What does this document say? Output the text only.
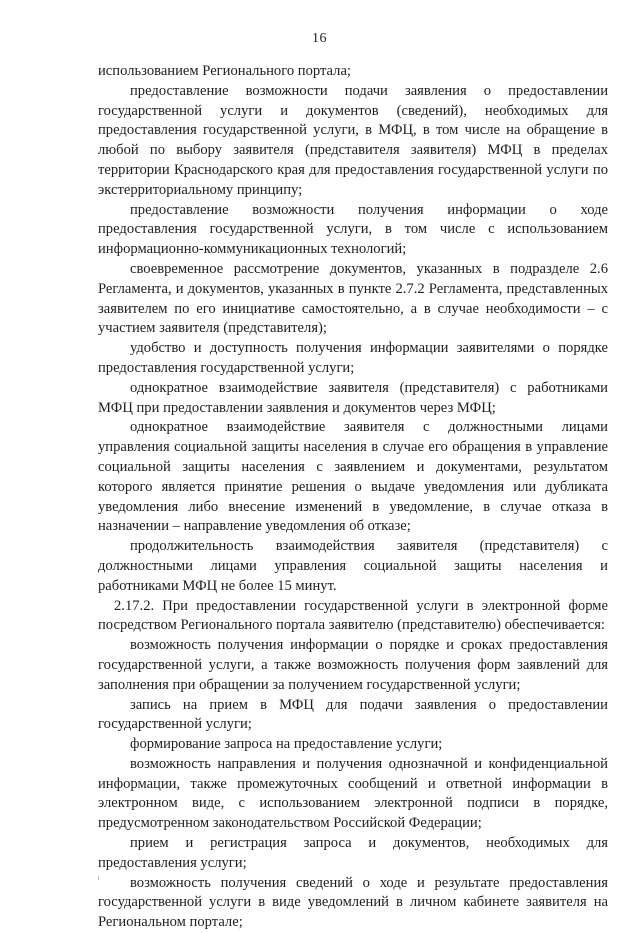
16

использованием Регионального портала;

предоставление возможности подачи заявления о предоставлении государственной услуги и документов (сведений), необходимых для предоставления государственной услуги, в МФЦ, в том числе на обращение в любой по выбору заявителя (представителя заявителя) МФЦ в пределах территории Краснодарского края для предоставления государственной услуги по экстерриториальному принципу;

предоставление возможности получения информации о ходе предоставления государственной услуги, в том числе с использованием информационно-коммуникационных технологий;

своевременное рассмотрение документов, указанных в подразделе 2.6 Регламента, и документов, указанных в пункте 2.7.2 Регламента, представленных заявителем по его инициативе самостоятельно, а в случае необходимости – с участием заявителя (представителя);

удобство и доступность получения информации заявителями о порядке предоставления государственной услуги;

однократное взаимодействие заявителя (представителя) с работниками МФЦ при предоставлении заявления и документов через МФЦ;

однократное взаимодействие заявителя с должностными лицами управления социальной защиты населения в случае его обращения в управление социальной защиты населения с заявлением и документами, результатом которого является принятие решения о выдаче уведомления или дубликата уведомления либо внесение изменений в уведомление, в случае отказа в назначении – направление уведомления об отказе;

продолжительность взаимодействия заявителя (представителя) с должностными лицами управления социальной защиты населения и работниками МФЦ не более 15 минут.

2.17.2. При предоставлении государственной услуги в электронной форме посредством Регионального портала заявителю (представителю) обеспечивается:

возможность получения информации о порядке и сроках предоставления государственной услуги, а также возможность получения форм заявлений для заполнения при обращении за получением государственной услуги;

запись на прием в МФЦ для подачи заявления о предоставлении государственной услуги;

формирование запроса на предоставление услуги;

возможность направления и получения однозначной и конфиденциальной информации, также промежуточных сообщений и ответной информации в электронном виде, с использованием электронной подписи в порядке, предусмотренном законодательством Российской Федерации;

прием и регистрация запроса и документов, необходимых для предоставления услуги;

возможность получения сведений о ходе и результате предоставления государственной услуги в виде уведомлений в личном кабинете заявителя на Региональном портале;
